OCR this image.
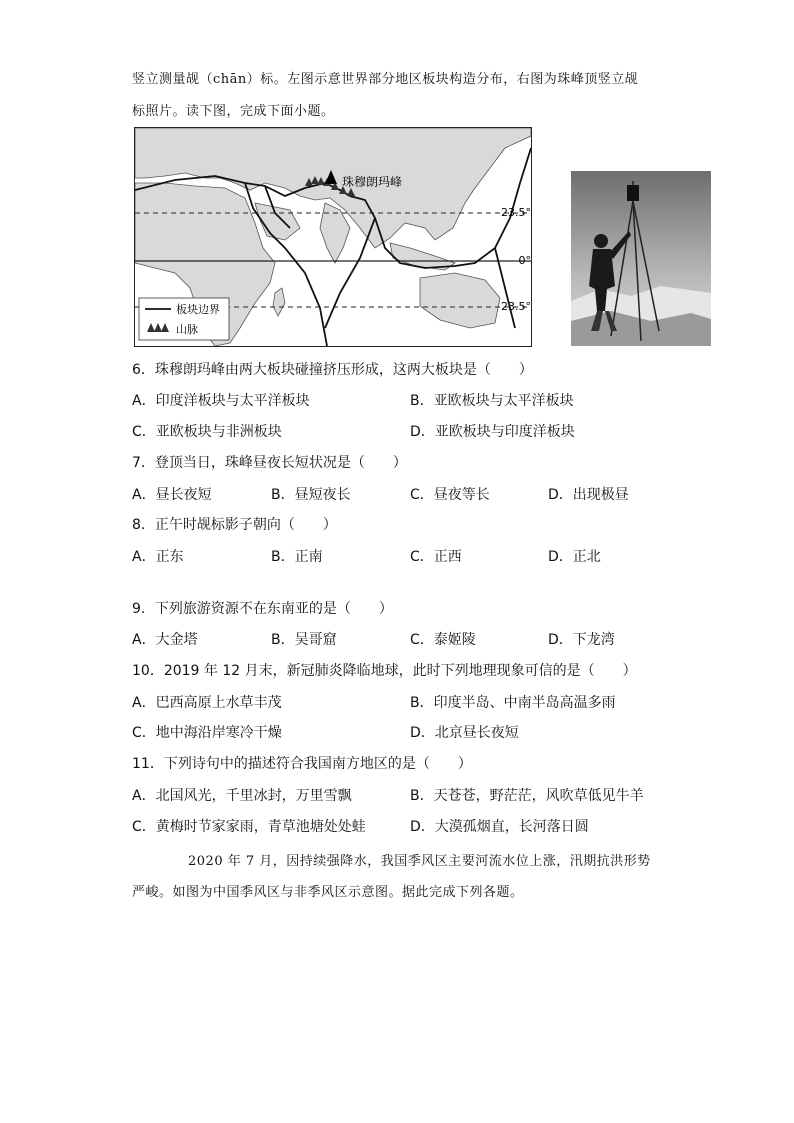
竖立测量觇（chān）标。左图示意世界部分地区板块构造分布，右图为珠峰顶竖立觇
标照片。读下图，完成下面小题。
珠穆朗玛峰
23.5°
0°
23.5°
板块边界
山脉
6．珠穆朗玛峰由两大板块碰撞挤压形成，这两大板块是（　　）
A．印度洋板块与太平洋板块	B．亚欧板块与太平洋板块
C．亚欧板块与非洲板块	D．亚欧板块与印度洋板块
7．登顶当日，珠峰昼夜长短状况是（　　）
A．昼长夜短	B．昼短夜长	C．昼夜等长	D．出现极昼
8．正午时觇标影子朝向（　　）
A．正东	B．正南	C．正西	D．正北
9．下列旅游资源不在东南亚的是（　　）
A．大金塔	B．吴哥窟	C．泰姬陵	D．下龙湾
10．2019 年 12 月末，新冠肺炎降临地球，此时下列地理现象可信的是（　　）
A．巴西高原上水草丰茂	B．印度半岛、中南半岛高温多雨
C．地中海沿岸寒冷干燥	D．北京昼长夜短
11．下列诗句中的描述符合我国南方地区的是（　　）
A．北国风光，千里冰封，万里雪飘	B．天苍苍，野茫茫，风吹草低见牛羊
C．黄梅时节家家雨，青草池塘处处蛙	D．大漠孤烟直，长河落日圆
2020 年 7 月，因持续强降水，我国季风区主要河流水位上涨，汛期抗洪形势
严峻。如图为中国季风区与非季风区示意图。据此完成下列各题。
